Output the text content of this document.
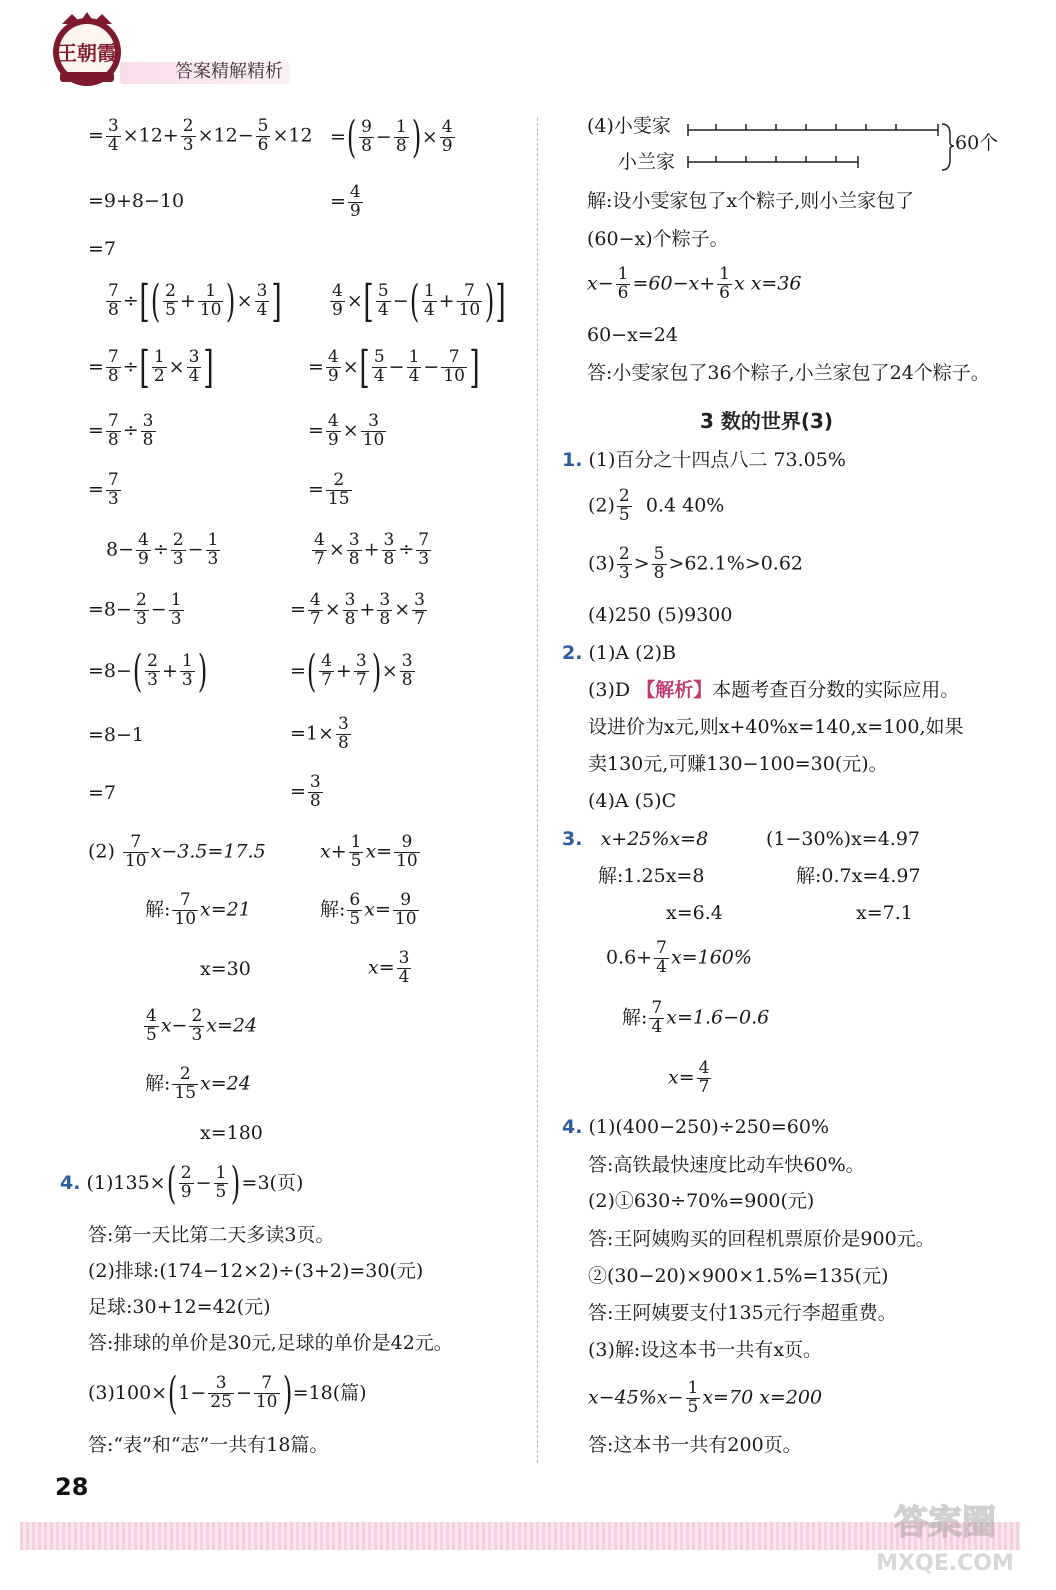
王朝霞
答案精解精析
= $\frac{3}{4} \times 12+ \frac{2}{3} \times 12- \frac{5}{6} \times 12$ =( $\frac{9}{8} - \frac{1}{8}$ )× $\frac{4}{9}$
=9+8−10	= $\frac{4}{9}$
=7
$\frac{7}{8}$ ÷[( $\frac{2}{5} + \frac{1}{10}$ )× $\frac{3}{4}$ ]	$\frac{4}{9}$ ×[ $\frac{5}{4}$ −( $\frac{1}{4} + \frac{7}{10}$ )]
= $\frac{7}{8}$ ÷[ $\frac{1}{2} \times \frac{3}{4}$ ]	= $\frac{4}{9}$ ×[ $\frac{5}{4} - \frac{1}{4} - \frac{7}{10}$ ]
= $\frac{7}{8} \div \frac{3}{8}$	= $\frac{4}{9} \times \frac{3}{10}$
= $\frac{7}{3}$	= $\frac{2}{15}$
$8- \frac{4}{9} \div \frac{2}{3} - \frac{1}{3}$	$\frac{4}{7} \times \frac{3}{8} + \frac{3}{8} \div \frac{7}{3}$
$=8- \frac{2}{3} - \frac{1}{3}$	= $\frac{4}{7} \times \frac{3}{8} + \frac{3}{8} \times \frac{3}{7}$
$=8-( \frac{2}{3} + \frac{1}{3}$ )	=( $\frac{4}{7} + \frac{3}{7}$ )× $\frac{3}{8}$
=8−1	$=1\times \frac{3}{8}$
=7	= $\frac{3}{8}$
$(2) \frac{7}{10} x-3.5=17.5$	$x+ \frac{1}{5} x= \frac{9}{10}$
解: $\frac{7}{10} x=21$	解: $\frac{6}{5} x= \frac{9}{10}$
x=30	$x= \frac{3}{4}$
$\frac{4}{5} x- \frac{2}{3} x=24$
解: $\frac{2}{15} x=24$
x=180
4. $(1)135\times( \frac{2}{9} - \frac{1}{5} )=3$(页)
答:第一天比第二天多读3页。
(2)排球:(174−12×2)÷(3+2)=30(元)
足球:30+12=42(元)
答:排球的单价是30元,足球的单价是42元。
$(3)100\times(1- \frac{3}{25} - \frac{7}{10} )=18$(篇)
答:“表”和“志”一共有18篇。
(4)小雯家
小兰家
60个
解:设小雯家包了x个粽子,则小兰家包了
(60−x)个粽子。
$x- \frac{1}{6} =60-x+ \frac{1}{6}$ x x=36
60−x=24
答:小雯家包了36个粽子,小兰家包了24个粽子。
3 数的世界(3)
1. (1)百分之十四点八二 73.05%
$(2) \frac{2}{5} 0.4$ 40%
$(3) \frac{2}{3} > \frac{5}{8} >62.1\%>0.62$
(4)250 (5)9300
2. (1)A (2)B
(3)D 【解析】本题考查百分数的实际应用。
设进价为x元,则x+40%x=140,x=100,如果
卖130元,可赚130−100=30(元)。
(4)A (5)C
3. x+25%x=8	(1−30%)x=4.97
解:1.25x=8	解:0.7x=4.97
x=6.4	x=7.1
$0.6+ \frac{7}{4} x=160\%$
解: $\frac{7}{4} x=1.6-0.6$
$x= \frac{4}{7}$
4. (1)(400−250)÷250=60%
答:高铁最快速度比动车快60%。
(2)①630÷70%=900(元)
答:王阿姨购买的回程机票原价是900元。
②(30−20)×900×1.5%=135(元)
答:王阿姨要支付135元行李超重费。
(3)解:设这本书一共有x页。
$x-45\%x- \frac{1}{5} x=70$ x=200
答:这本书一共有200页。
28
答案圈
MXQE.COM
